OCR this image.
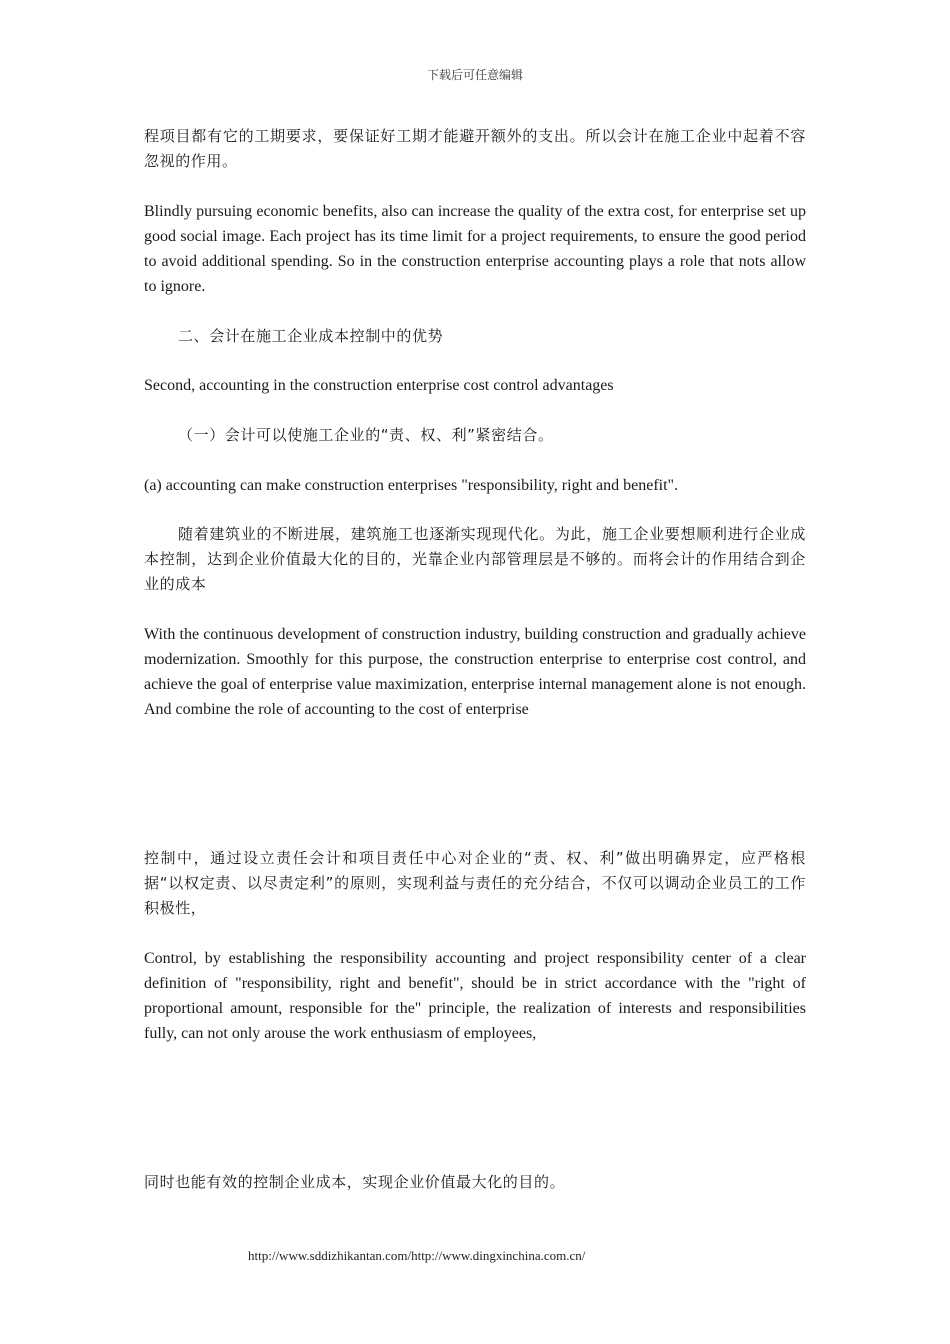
下载后可任意编辑
程项目都有它的工期要求，要保证好工期才能避开额外的支出。所以会计在施工企业中起着不容忽视的作用。
Blindly pursuing economic benefits, also can increase the quality of the extra cost, for enterprise set up good social image. Each project has its time limit for a project requirements, to ensure the good period to avoid additional spending. So in the construction enterprise accounting plays a role that nots allow to ignore.
二、会计在施工企业成本控制中的优势
Second, accounting in the construction enterprise cost control advantages
（一）会计可以使施工企业的“责、权、利”紧密结合。
(a) accounting can make construction enterprises "responsibility, right and benefit".
随着建筑业的不断进展，建筑施工也逐渐实现现代化。为此，施工企业要想顺利进行企业成本控制，达到企业价值最大化的目的，光靠企业内部管理层是不够的。而将会计的作用结合到企业的成本
With the continuous development of construction industry, building construction and gradually achieve modernization. Smoothly for this purpose, the construction enterprise to enterprise cost control, and achieve the goal of enterprise value maximization, enterprise internal management alone is not enough. And combine the role of accounting to the cost of enterprise
控制中，通过设立责任会计和项目责任中心对企业的“责、权、利”做出明确界定，应严格根据“以权定责、以尽责定利”的原则，实现利益与责任的充分结合，不仅可以调动企业员工的工作积极性，
Control, by establishing the responsibility accounting and project responsibility center of a clear definition of "responsibility, right and benefit", should be in strict accordance with the "right of proportional amount, responsible for the" principle, the realization of interests and responsibilities fully, can not only arouse the work enthusiasm of employees,
同时也能有效的控制企业成本，实现企业价值最大化的目的。
http://www.sddizhikantan.com/http://www.dingxinchina.com.cn/
